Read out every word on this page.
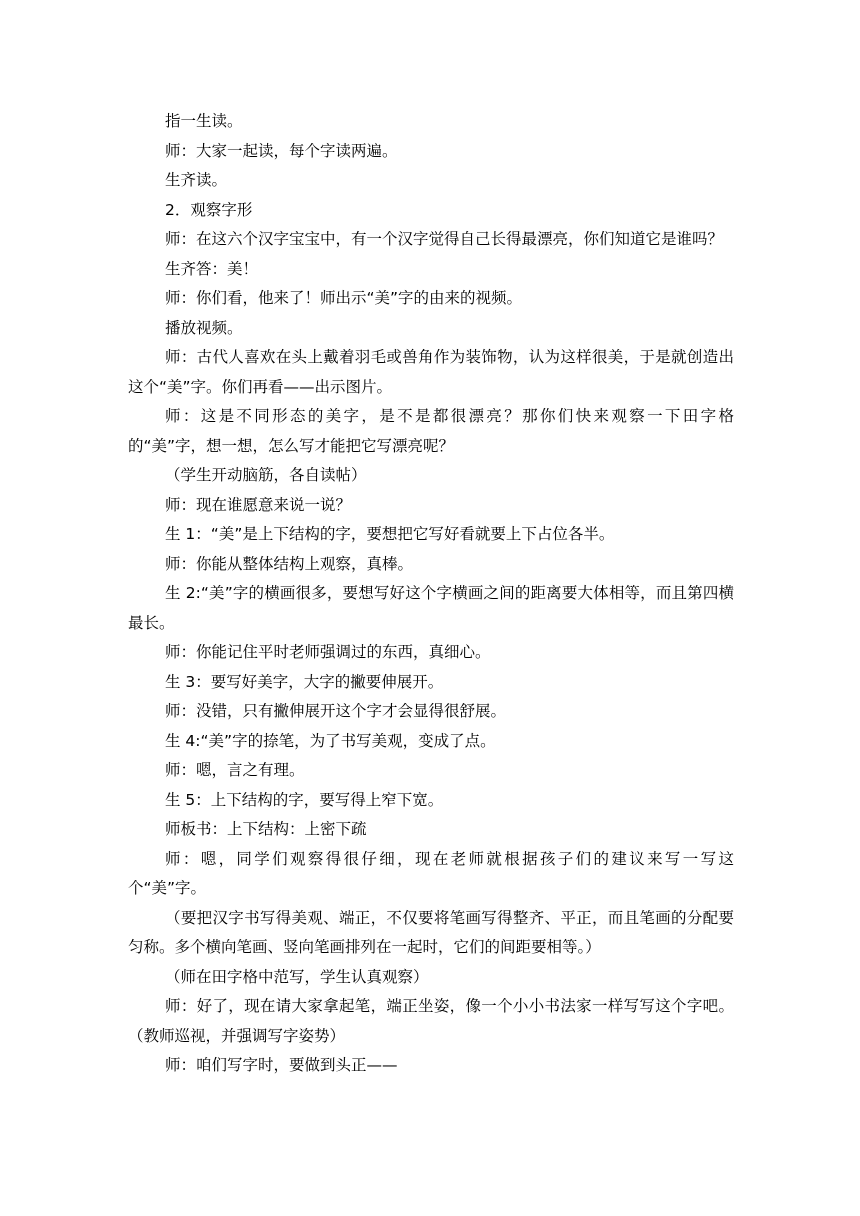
指一生读。

师：大家一起读，每个字读两遍。

生齐读。

2．观察字形

师：在这六个汉字宝宝中，有一个汉字觉得自己长得最漂亮，你们知道它是谁吗？

生齐答：美！

师：你们看，他来了！师出示“美”字的由来的视频。

播放视频。

师：古代人喜欢在头上戴着羽毛或兽角作为装饰物，认为这样很美，于是就创造出这个“美”字。你们再看——出示图片。

师：这是不同形态的美字，是不是都很漂亮？那你们快来观察一下田字格的“美”字，想一想，怎么写才能把它写漂亮呢？

（学生开动脑筋，各自读帖）

师：现在谁愿意来说一说？

生 1：“美”是上下结构的字，要想把它写好看就要上下占位各半。

师：你能从整体结构上观察，真棒。

生 2:“美”字的横画很多，要想写好这个字横画之间的距离要大体相等，而且第四横最长。

师：你能记住平时老师强调过的东西，真细心。

生 3：要写好美字，大字的撇要伸展开。

师：没错，只有撇伸展开这个字才会显得很舒展。

生 4:“美”字的捺笔，为了书写美观，变成了点。

师：嗯，言之有理。

生 5：上下结构的字，要写得上窄下宽。

师板书：上下结构：上密下疏

师：嗯，同学们观察得很仔细，现在老师就根据孩子们的建议来写一写这个“美”字。

（要把汉字书写得美观、端正，不仅要将笔画写得整齐、平正，而且笔画的分配要匀称。多个横向笔画、竖向笔画排列在一起时，它们的间距要相等。）

（师在田字格中范写，学生认真观察）

师：好了，现在请大家拿起笔，端正坐姿，像一个小小书法家一样写写这个字吧。（教师巡视，并强调写字姿势）

师：咱们写字时，要做到头正——
